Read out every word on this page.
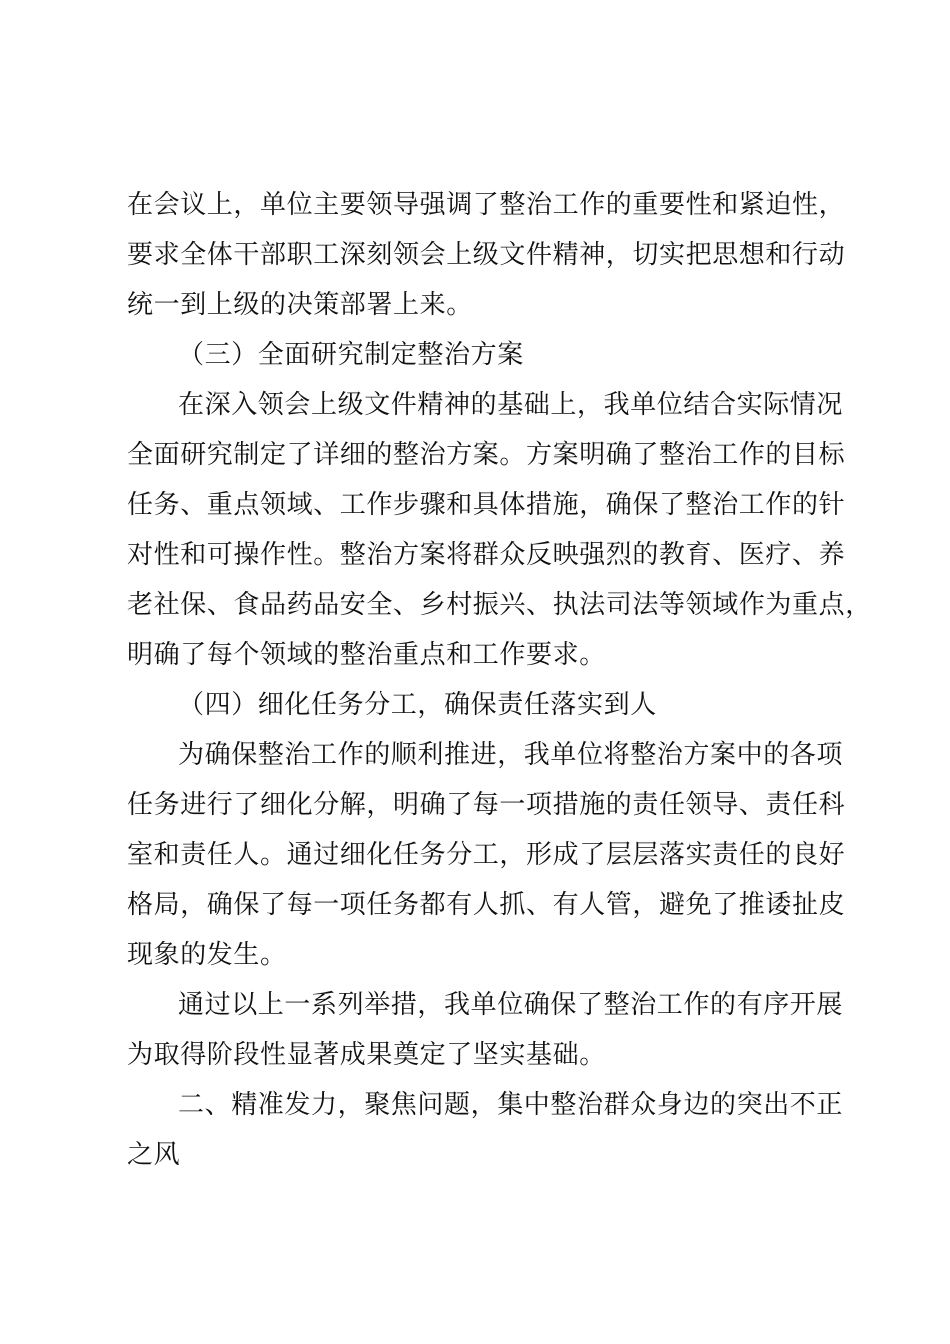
在会议上，单位主要领导强调了整治工作的重要性和紧迫性，
要求全体干部职工深刻领会上级文件精神，切实把思想和行动
统一到上级的决策部署上来。
（三）全面研究制定整治方案
在深入领会上级文件精神的基础上，我单位结合实际情况
全面研究制定了详细的整治方案。方案明确了整治工作的目标
任务、重点领域、工作步骤和具体措施，确保了整治工作的针
对性和可操作性。整治方案将群众反映强烈的教育、医疗、养
老社保、食品药品安全、乡村振兴、执法司法等领域作为重点，
明确了每个领域的整治重点和工作要求。
（四）细化任务分工，确保责任落实到人
为确保整治工作的顺利推进，我单位将整治方案中的各项
任务进行了细化分解，明确了每一项措施的责任领导、责任科
室和责任人。通过细化任务分工，形成了层层落实责任的良好
格局，确保了每一项任务都有人抓、有人管，避免了推诿扯皮
现象的发生。
通过以上一系列举措，我单位确保了整治工作的有序开展
为取得阶段性显著成果奠定了坚实基础。
二、精准发力，聚焦问题，集中整治群众身边的突出不正
之风
